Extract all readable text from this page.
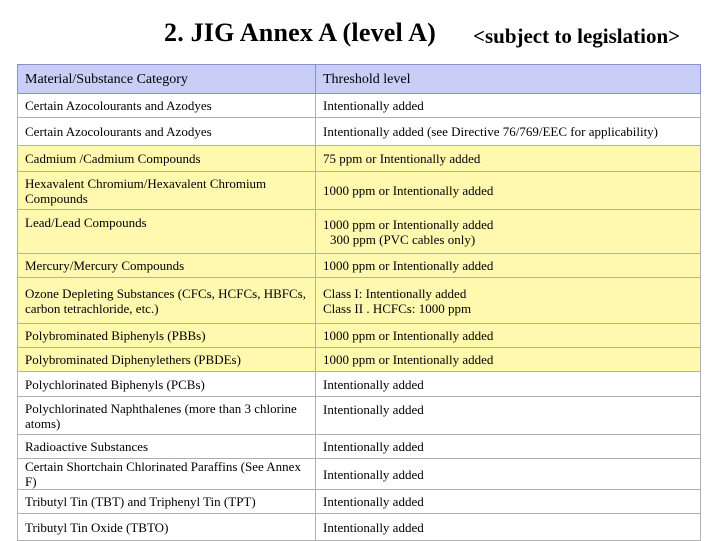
2. JIG Annex A (level A) <subject to legislation>
Material/Substance Category	Threshold level
Certain Azocolourants and Azodyes	Intentionally added
Certain Azocolourants and Azodyes	Intentionally added (see Directive 76/769/EEC for applicability)
Cadmium /Cadmium Compounds	75 ppm or Intentionally added
Hexavalent Chromium/Hexavalent Chromium Compounds	1000 ppm or Intentionally added
Lead/Lead Compounds	1000 ppm or Intentionally added
300 ppm (PVC cables only)

Mercury/Mercury Compounds	1000 ppm or Intentionally added
Ozone Depleting Substances (CFCs, HCFCs, HBFCs, carbon tetrachloride, etc.)	Class I: Intentionally added
Class II . HCFCs: 1000 ppm

Polybrominated Biphenyls (PBBs)	1000 ppm or Intentionally added
Polybrominated Diphenylethers (PBDEs)	1000 ppm or Intentionally added
Polychlorinated Biphenyls (PCBs)	Intentionally added
Polychlorinated Naphthalenes (more than 3 chlorine atoms)	Intentionally added
Radioactive Substances	Intentionally added
Certain Shortchain Chlorinated Paraffins (See Annex F)	Intentionally added
Tributyl Tin (TBT) and Triphenyl Tin (TPT)	Intentionally added
Tributyl Tin Oxide (TBTO)	Intentionally added
